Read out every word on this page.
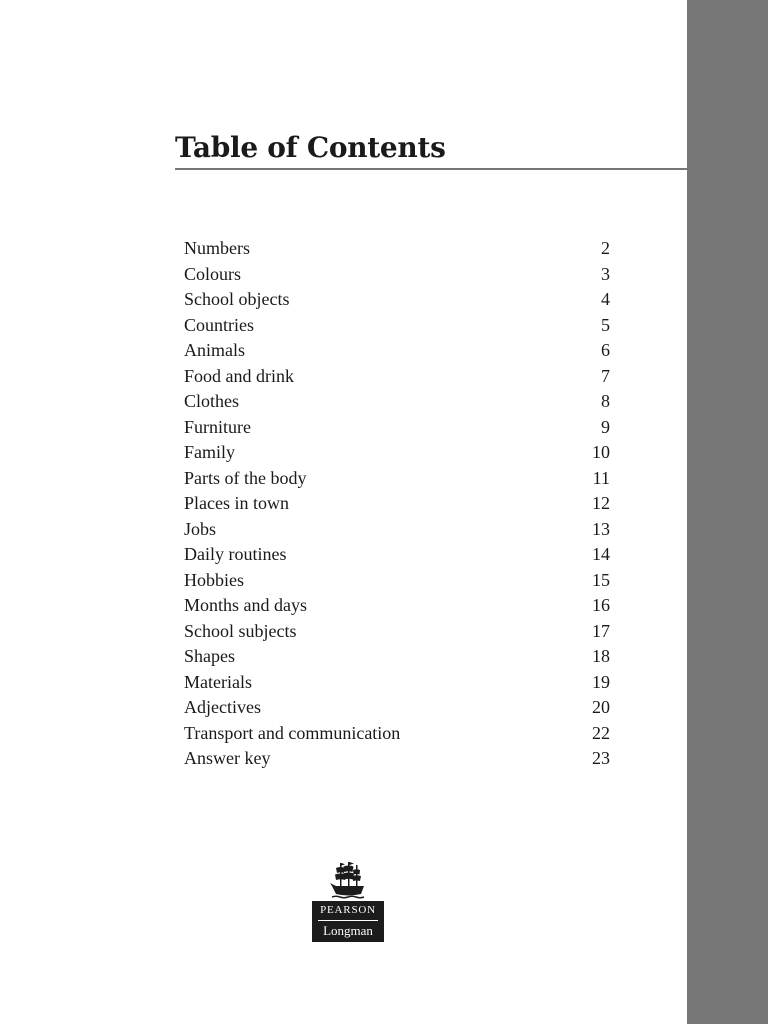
Table of Contents
Numbers	2
Colours	3
School objects	4
Countries	5
Animals	6
Food and drink	7
Clothes	8
Furniture	9
Family	10
Parts of the body	11
Places in town	12
Jobs	13
Daily routines	14
Hobbies	15
Months and days	16
School subjects	17
Shapes	18
Materials	19
Adjectives	20
Transport and communication	22
Answer key	23
PEARSON
Longman
